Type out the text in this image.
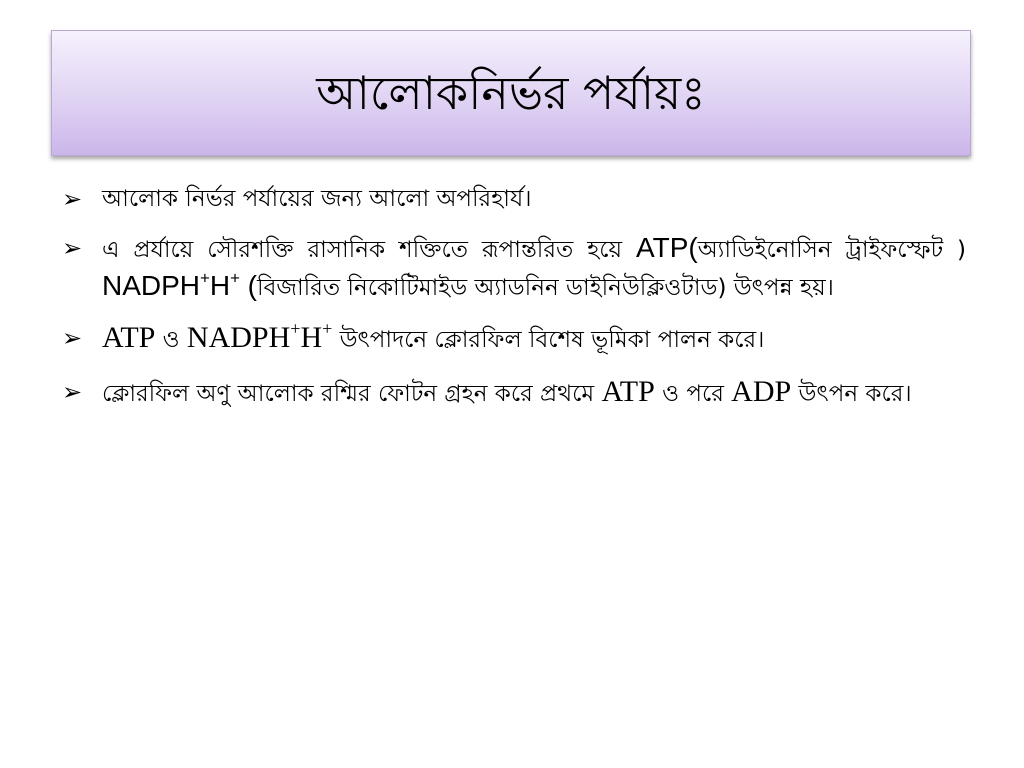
আলোকনির্ভর পর্যায়ঃ
➢ আলোক নির্ভর পর্যায়ের জন্য আলো অপরিহার্য।
➢ এ প্রর্যায়ে সৌরশক্তি রাসানিক শক্তিতে রূপান্তরিত হয়ে ATP(অ্যাডিইনোসিন ট্রাইফস্ফেট ) NADPH+H+ (বিজারিত নিকোটিমাইড অ্যাডনিন ডাইনিউক্লিওটাড) উৎপন্ন হয়।
➢ ATP ও NADPH+H+ উৎপাদনে ক্লোরফিল বিশেষ ভূমিকা পালন করে।
➢ ক্লোরফিল অণু আলোক রশ্মির ফোটন গ্রহন করে প্রথমে ATP ও পরে ADP উৎপন করে।
